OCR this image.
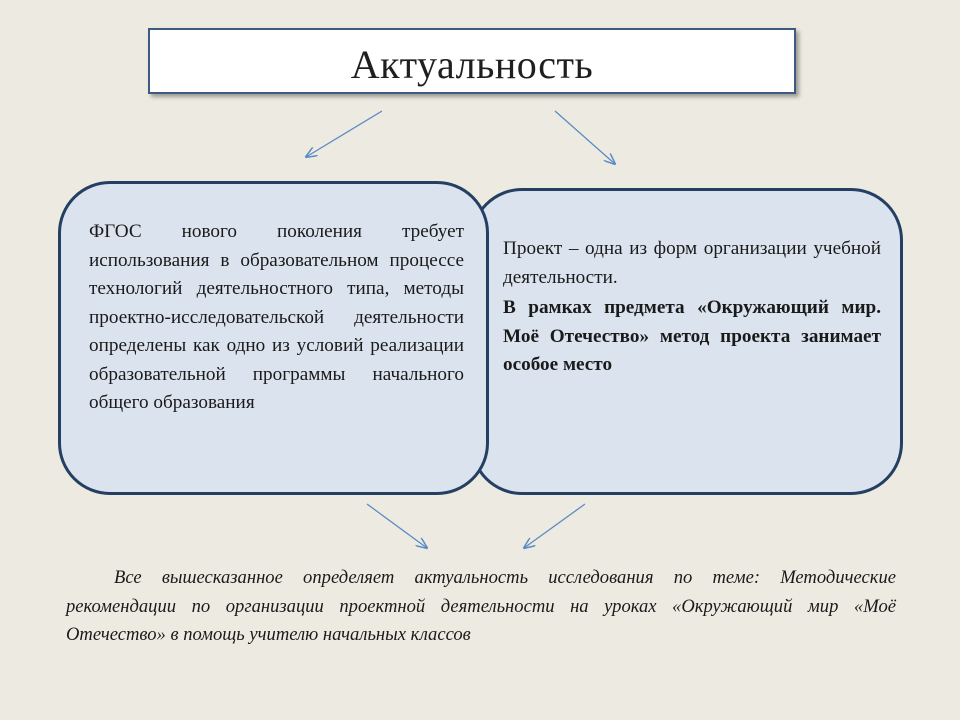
Актуальность
Проект – одна из форм организации учебной деятельности.
В рамках предмета «Окружающий мир. Моё Отечество» метод проекта занимает особое место
ФГОС нового поколения требует использования в образовательном процессе технологий деятельностного типа, методы проектно-исследовательской деятельности определены как одно из условий реализации образовательной программы начального общего образования
Все вышесказанное определяет актуальность исследования по теме: Методические рекомендации по организации проектной деятельности на уроках «Окружающий мир «Моё Отечество» в помощь учителю начальных классов
